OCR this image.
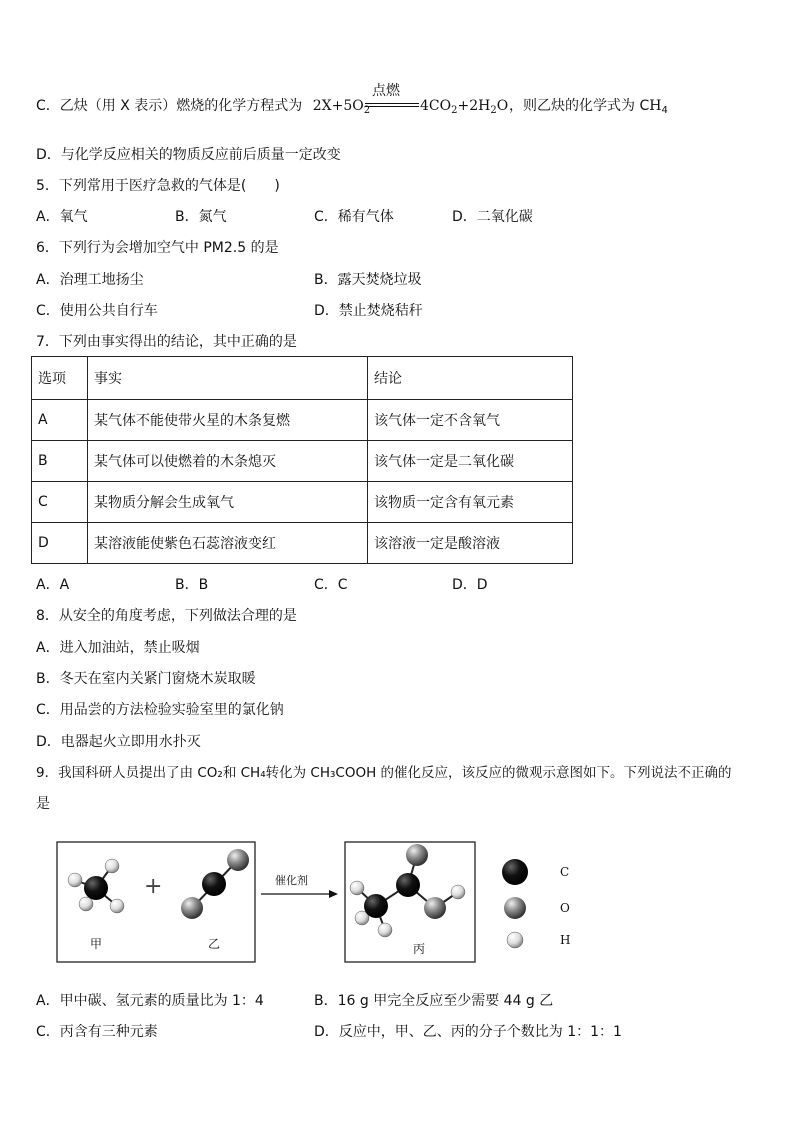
C．乙炔（用 X 表示）燃烧的化学方程式为 $2X+5O_2$
点燃
$4CO_2+2H_2O$ ，则乙炔的化学式为 $CH_4$
D．与化学反应相关的物质反应前后质量一定改变
5．下列常用于医疗急救的气体是(　　)
A．氧气	B．氮气	C．稀有气体	D．二氧化碳
6．下列行为会增加空气中 PM2.5 的是
A．治理工地扬尘	B．露天焚烧垃圾
C．使用公共自行车	D．禁止焚烧秸秆
7．下列由事实得出的结论，其中正确的是
选项	事实	结论
A	某气体不能使带火星的木条复燃	该气体一定不含氧气
B	某气体可以使燃着的木条熄灭	该气体一定是二氧化碳
C	某物质分解会生成氧气	该物质一定含有氧元素
D	某溶液能使紫色石蕊溶液变红	该溶液一定是酸溶液
A．A	B．B	C．C	D．D
8．从安全的角度考虑，下列做法合理的是
A．进入加油站，禁止吸烟
B．冬天在室内关紧门窗烧木炭取暖
C．用品尝的方法检验实验室里的氯化钠
D．电器起火立即用水扑灭
9．我国科研人员提出了由 CO₂和 CH₄转化为 CH₃COOH 的催化反应，该反应的微观示意图如下。下列说法不正确的
是
+
甲	乙
催化剂
丙
C
O
H
A．甲中碳、氢元素的质量比为 1：4	B．16 g 甲完全反应至少需要 44 g 乙
C．丙含有三种元素	D．反应中，甲、乙、丙的分子个数比为 1：1：1
